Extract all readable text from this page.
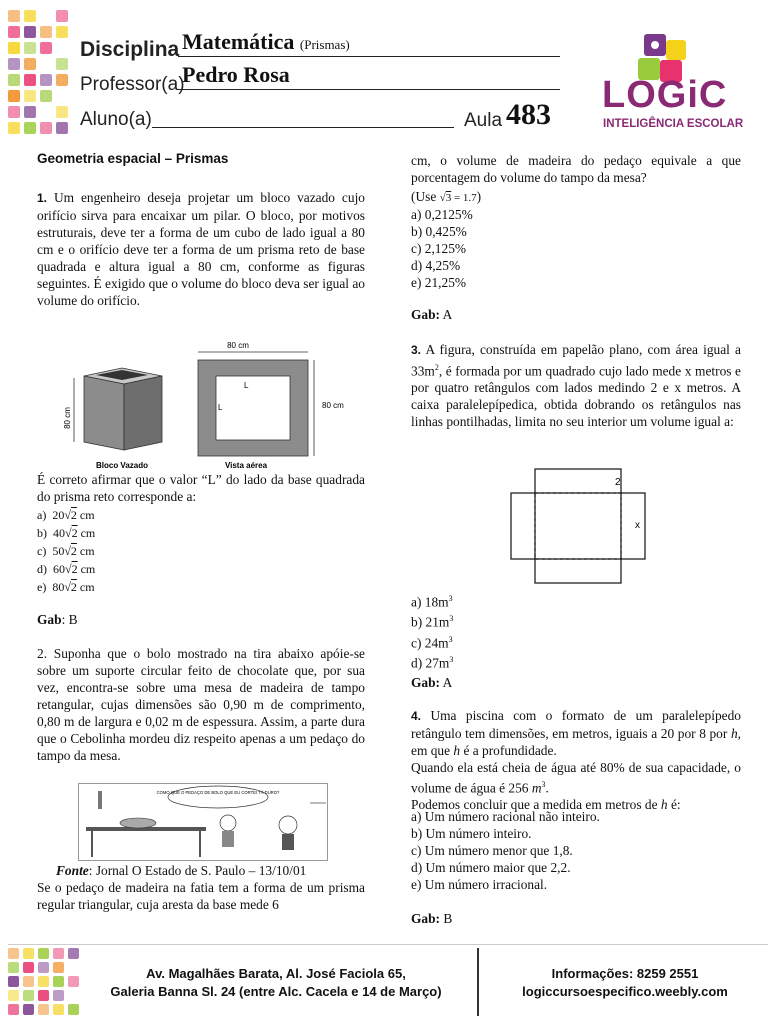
Disciplina Matemática (Prismas)
Professor(a)
Pedro Rosa
Aluno(a)	Aula 483 LOGiC
INTELIGÊNCIA ESCOLAR
Geometria espacial – Prismas
1. Um engenheiro deseja projetar um bloco vazado cujo orifício sirva para encaixar um pilar. O bloco, por motivos estruturais, deve ter a forma de um cubo de lado igual a 80 cm e o orifício deve ter a forma de um prisma reto de base quadrada e altura igual a 80 cm, conforme as figuras seguintes. É exigido que o volume do bloco deva ser igual ao volume do orifício.
80 cm
Bloco Vazado
80 cm
L
L	80 cm
Vista aérea
É correto afirmar que o valor “L” do lado da base quadrada do prisma reto corresponde a:
a) 20√2 cm
b) 40√2 cm
c) 50√2 cm
d) 60√2 cm
e) 80√2 cm
Gab: B
2. Suponha que o bolo mostrado na tira abaixo apóie-se sobre um suporte circular feito de chocolate que, por sua vez, encontra-se sobre uma mesa de madeira de tampo retangular, cujas dimensões são 0,90 m de comprimento, 0,80 m de largura e 0,02 m de espessura. Assim, a parte dura que o Cebolinha mordeu diz respeito apenas a um pedaço do tampo da mesa.
COMO QUE O PEDAÇO DE BOLO QUE EU CORTEI TÁ DURO?
Fonte: Jornal O Estado de S. Paulo – 13/10/01
Se o pedaço de madeira na fatia tem a forma de um prisma regular triangular, cuja aresta da base mede 6
cm, o volume de madeira do pedaço equivale a que porcentagem do volume do tampo da mesa?
(Use √3 = 1.7)
a) 0,2125%
b) 0,425%
c) 2,125%
d) 4,25%
e) 21,25%
Gab: A
3. A figura, construída em papelão plano, com área igual a $33m^2$, é formada por um quadrado cujo lado mede x metros e por quatro retângulos com lados medindo 2 e x metros. A caixa paralelepípedica, obtida dobrando os retângulos nas linhas pontilhadas, limita no seu interior um volume igual a:
2
x
a) $18m^3$
b) $21m^3$
c) $24m^3$
d) $27m^3$
Gab: A
4. Uma piscina com o formato de um paralelepípedo retângulo tem dimensões, em metros, iguais a 20 por 8 por h, em que h é a profundidade.
Quando ela está cheia de água até 80% de sua capacidade, o volume de água é 256 $m^3$.
Podemos concluir que a medida em metros de h é:
a) Um número racional não inteiro.
b) Um número inteiro.
c) Um número menor que 1,8.
d) Um número maior que 2,2.
e) Um número irracional.
Gab: B
Av. Magalhães Barata, Al. José Faciola 65,
Galeria Banna Sl. 24 (entre Alc. Cacela e 14 de Março)
Informações: 8259 2551
logiccursoespecifico.weebly.com
